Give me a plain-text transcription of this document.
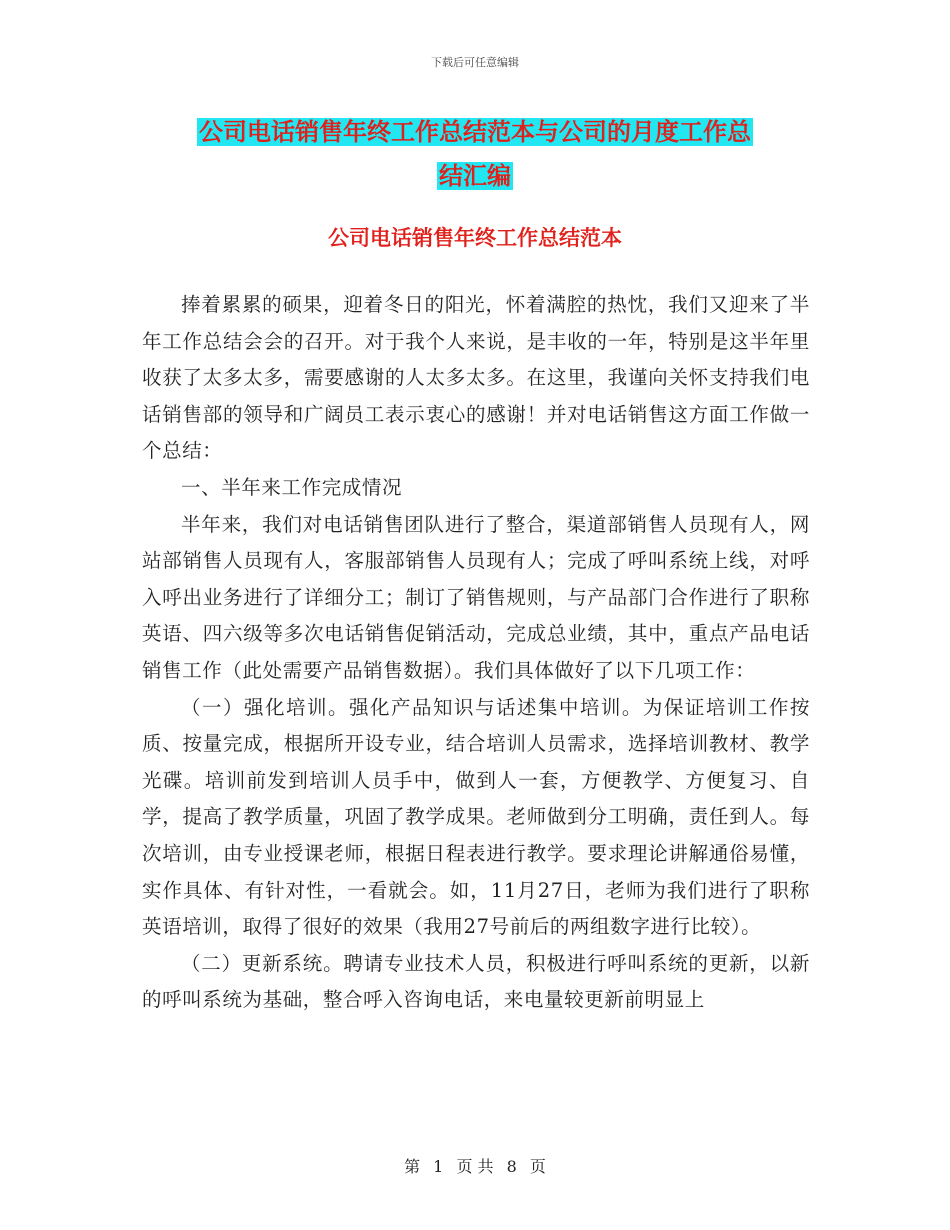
下载后可任意编辑
公司电话销售年终工作总结范本与公司的月度工作总
结汇编
公司电话销售年终工作总结范本

捧着累累的硕果，迎着冬日的阳光，怀着满腔的热忱，我们又迎来了半年工作总结会会的召开。对于我个人来说，是丰收的一年，特别是这半年里收获了太多太多，需要感谢的人太多太多。在这里，我谨向关怀支持我们电话销售部的领导和广阔员工表示衷心的感谢！并对电话销售这方面工作做一个总结：

一、半年来工作完成情况

半年来，我们对电话销售团队进行了整合，渠道部销售人员现有人，网站部销售人员现有人，客服部销售人员现有人；完成了呼叫系统上线，对呼入呼出业务进行了详细分工；制订了销售规则，与产品部门合作进行了职称英语、四六级等多次电话销售促销活动，完成总业绩，其中，重点产品电话销售工作（此处需要产品销售数据）。我们具体做好了以下几项工作：

（一）强化培训。强化产品知识与话述集中培训。为保证培训工作按质、按量完成，根据所开设专业，结合培训人员需求，选择培训教材、教学光碟。培训前发到培训人员手中，做到人一套，方便教学、方便复习、自学，提高了教学质量，巩固了教学成果。老师做到分工明确，责任到人。每次培训，由专业授课老师，根据日程表进行教学。要求理论讲解通俗易懂，实作具体、有针对性，一看就会。如，11月27日，老师为我们进行了职称英语培训，取得了很好的效果（我用27号前后的两组数字进行比较）。

（二）更新系统。聘请专业技术人员，积极进行呼叫系统的更新，以新的呼叫系统为基础，整合呼入咨询电话，来电量较更新前明显上

第 1 页 共 8 页
